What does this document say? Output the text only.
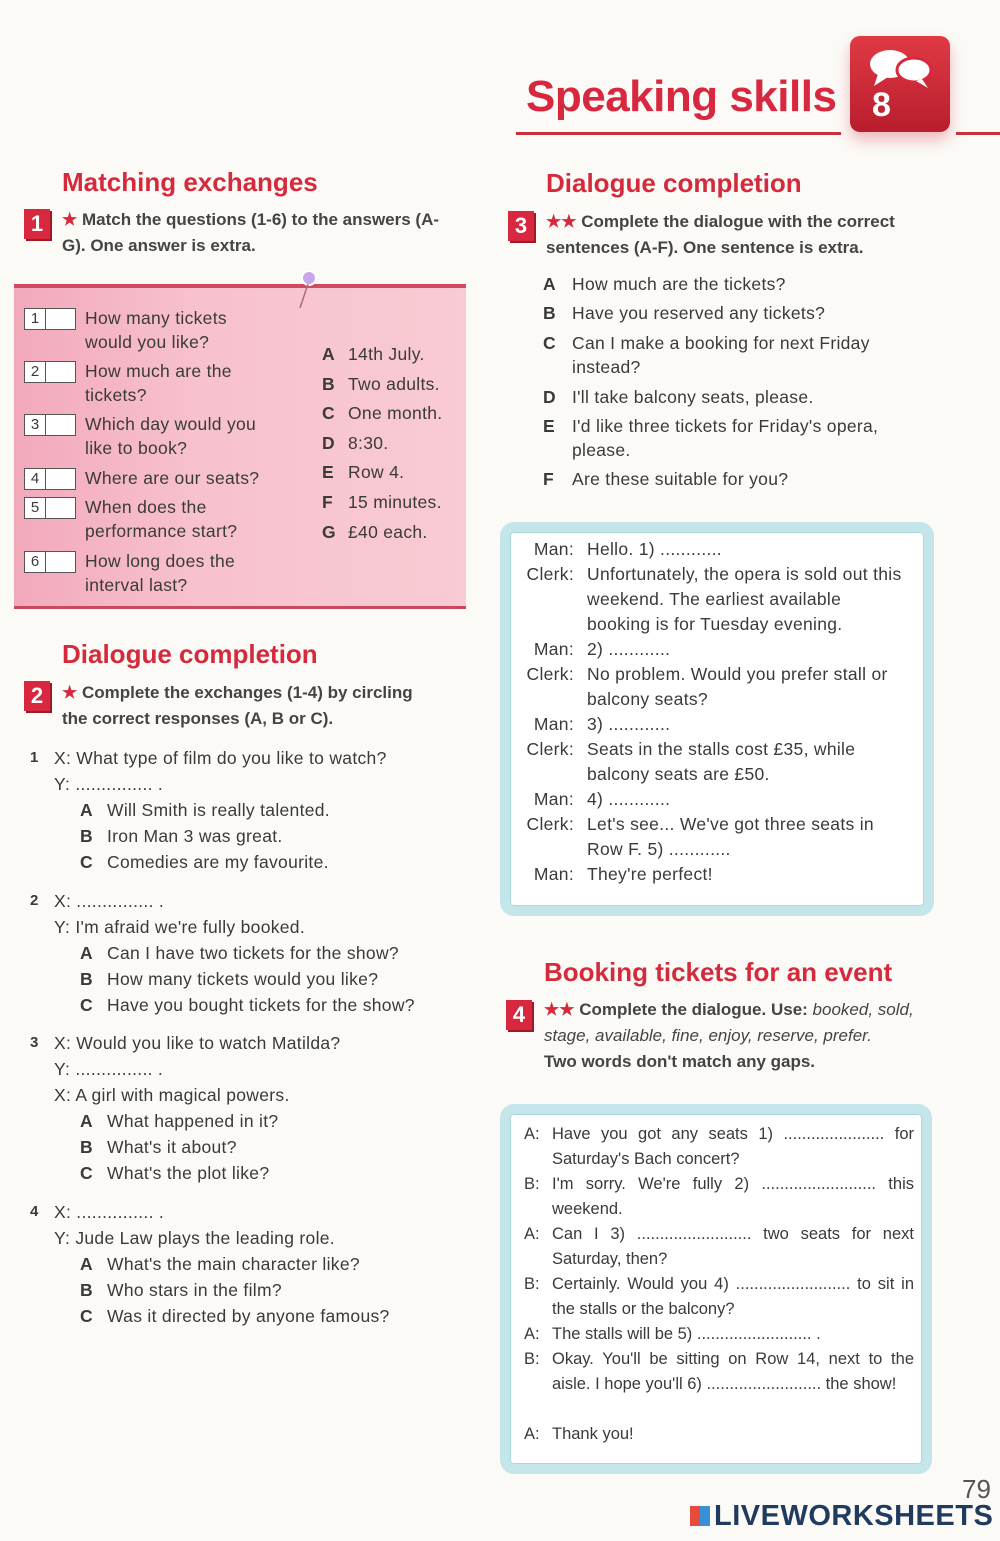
Speaking skills 8
Matching exchanges
1	★ Match the questions (1-6) to the answers (A-G). One answer is extra.
1	How many tickets
would you like?
2	How much are the
tickets?
3	Which day would you
like to book?
4	Where are our seats?
5	When does the
performance start?
6	How long does the
interval last?
A 14th July.
B Two adults.
C One month.
D 8:30.
E Row 4.
F 15 minutes.
G £40 each.
Dialogue completion
2	★ Complete the exchanges (1-4) by circling
the correct responses (A, B or C).
1 X: What type of film do you like to watch?
Y: ............... .
A Will Smith is really talented.
B Iron Man 3 was great.
C Comedies are my favourite.
2 X: ............... .
Y: I'm afraid we're fully booked.
A Can I have two tickets for the show?
B How many tickets would you like?
C Have you bought tickets for the show?
3 X: Would you like to watch Matilda?
Y: ............... .
X: A girl with magical powers.
A What happened in it?
B What's it about?
C What's the plot like?
4 X: ............... .
Y: Jude Law plays the leading role.
A What's the main character like?
B Who stars in the film?
C Was it directed by anyone famous?
Dialogue completion
3	★★ Complete the dialogue with the correct
sentences (A-F). One sentence is extra.
A How much are the tickets?
B Have you reserved any tickets?
C Can I make a booking for next Friday instead?
D I'll take balcony seats, please.
E I'd like three tickets for Friday's opera, please.
F	Are these suitable for you?
Man: Hello. 1) ............
Clerk: Unfortunately, the opera is sold out this weekend. The earliest available booking is for Tuesday evening.
Man: 2) ............
Clerk: No problem. Would you prefer stall or balcony seats?
Man: 3) ............
Clerk: Seats in the stalls cost £35, while balcony seats are £50.
Man: 4) ............
Clerk: Let's see... We've got three seats in Row F. 5) ............
Man: They're perfect!
Booking tickets for an event
4	★★ Complete the dialogue. Use: booked, sold, stage, available, fine, enjoy, reserve, prefer.
Two words don't match any gaps.
A: Have you got any seats 1) ...................... for Saturday's Bach concert?
B: I'm sorry. We're fully 2) ......................... this weekend.
A: Can I 3) ......................... two seats for next Saturday, then?
B: Certainly. Would you 4) ......................... to sit in the stalls or the balcony?
A: The stalls will be 5) ......................... .
B: Okay. You'll be sitting on Row 14, next to the aisle. I hope you'll 6) ......................... the show!
A: Thank you!
79
LIVEWORKSHEETS
